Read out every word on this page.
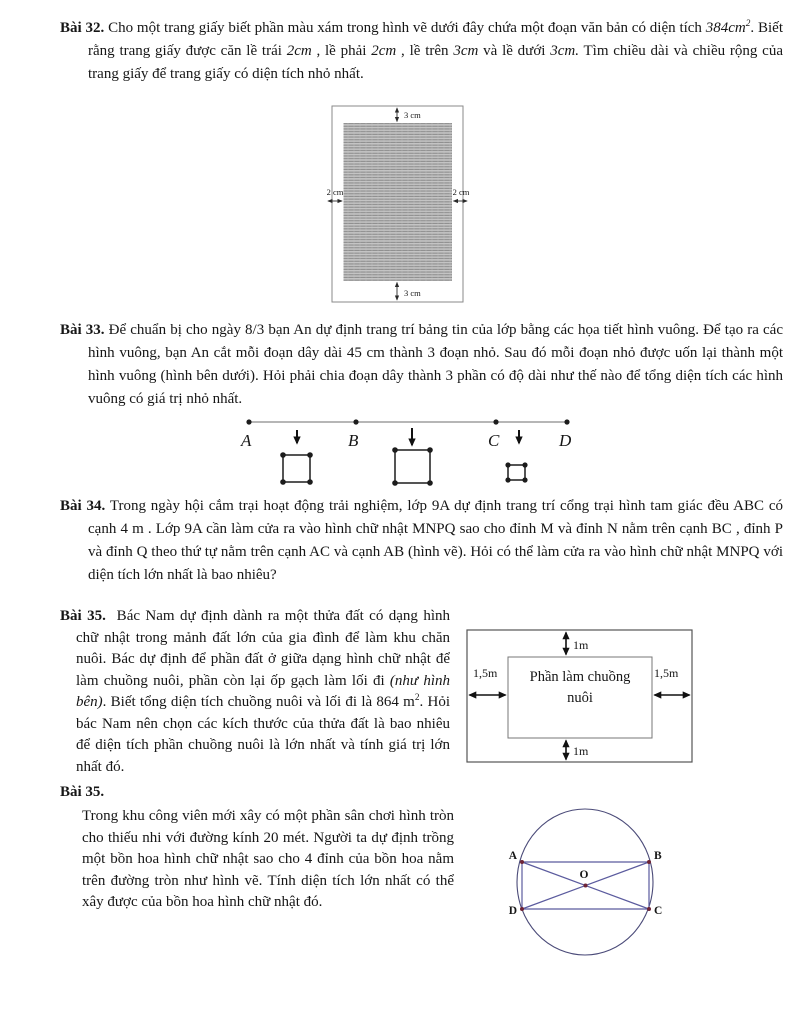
Bài 32. Cho một trang giấy biết phần màu xám trong hình vẽ dưới đây chứa một đoạn văn bản có diện tích $384cm^2$. Biết rằng trang giấy được căn lề trái 2cm , lề phải 2cm , lề trên 3cm và lề dưới 3cm. Tìm chiều dài và chiều rộng của trang giấy để trang giấy có diện tích nhỏ nhất.

3 cm
3 cm
2 cm	2 cm

Bài 33. Để chuẩn bị cho ngày 8/3 bạn An dự định trang trí bảng tin của lớp bằng các họa tiết hình vuông. Để tạo ra các hình vuông, bạn An cắt mỗi đoạn dây dài 45 cm thành 3 đoạn nhỏ. Sau đó mỗi đoạn nhỏ được uốn lại thành một hình vuông (hình bên dưới). Hỏi phải chia đoạn dây thành 3 phần có độ dài như thế nào để tổng diện tích các hình vuông có giá trị nhỏ nhất.

A	B	C	D

Bài 34. Trong ngày hội cắm trại hoạt động trải nghiệm, lớp 9A dự định trang trí cổng trại hình tam giác đều ABC có cạnh 4 m . Lớp 9A cần làm cửa ra vào hình chữ nhật MNPQ sao cho đỉnh M và đỉnh N nằm trên cạnh BC , đỉnh P và đỉnh Q theo thứ tự nằm trên cạnh AC và cạnh AB (hình vẽ). Hỏi có thể làm cửa ra vào hình chữ nhật MNPQ với diện tích lớn nhất là bao nhiêu?

Bài 35.  Bác Nam dự định dành ra một thửa đất có dạng hình chữ nhật trong mảnh đất lớn của gia đình để làm khu chăn nuôi. Bác dự định để phần đất ở giữa dạng hình chữ nhật để làm chuồng nuôi, phần còn lại ốp gạch làm lối đi (như hình bên). Biết tổng diện tích chuồng nuôi và lối đi là 864 $m^2$. Hỏi bác Nam nên chọn các kích thước của thửa đất là bao nhiêu để diện tích phần chuồng nuôi là lớn nhất và tính giá trị lớn nhất đó.

Phần làm chuồng
nuôi
1m
1m
1,5m	1,5m

Bài 35.

Trong khu công viên mới xây có một phần sân chơi hình tròn cho thiếu nhi với đường kính 20 mét. Người ta dự định trồng một bồn hoa hình chữ nhật sao cho 4 đỉnh của bồn hoa nằm trên đường tròn như hình vẽ. Tính diện tích lớn nhất có thể xây được của bồn hoa hình chữ nhật đó.

A	B
C
D
O
